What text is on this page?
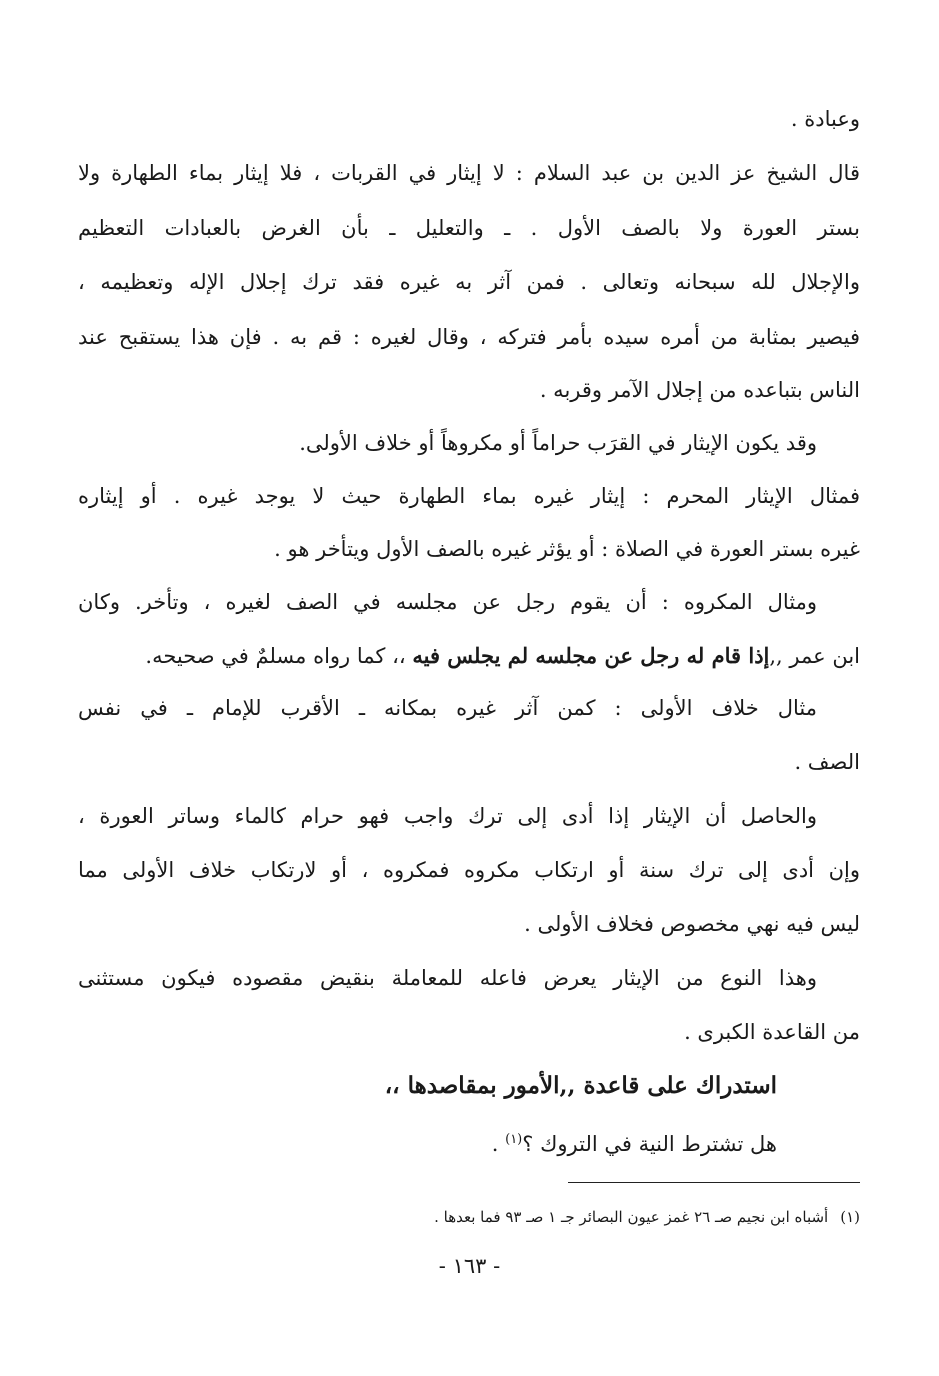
وعبادة .
قال الشيخ عز الدين بن عبد السلام : لا إيثار في القربات ، فلا إيثار بماء الطهارة ولا
بستر العورة ولا بالصف الأول . ـ والتعليل ـ بأن الغرض بالعبادات التعظيم
والإجلال لله سبحانه وتعالى . فمن آثر به غيره فقد ترك إجلال الإله وتعظيمه ،
فيصير بمثابة من أمره سيده بأمر فتركه ، وقال لغيره : قم به . فإن هذا يستقبح عند
الناس بتباعده من إجلال الآمر وقربه .
وقد يكون الإيثار في القرَب حراماً أو مكروهاً أو خلاف الأولى.
فمثال الإيثار المحرم : إيثار غيره بماء الطهارة حيث لا يوجد غيره . أو إيثاره
غيره بستر العورة في الصلاة : أو يؤثر غيره بالصف الأول ويتأخر هو .
ومثال المكروه : أن يقوم رجل عن مجلسه في الصف لغيره ، وتأخر. وكان
ابن عمر ,,إذا قام له رجل عن مجلسه لم يجلس فيه ،، كما رواه مسلمٌ في صحيحه.
مثال خلاف الأولى : كمن آثر غيره بمكانه ـ الأقرب للإمام ـ في نفس
الصف .
والحاصل أن الإيثار إذا أدى إلى ترك واجب فهو حرام كالماء وساتر العورة ،
وإن أدى إلى ترك سنة أو ارتكاب مكروه فمكروه ، أو لارتكاب خلاف الأولى مما
ليس فيه نهي مخصوص فخلاف الأولى .
وهذا النوع من الإيثار يعرض فاعله للمعاملة بنقيض مقصوده فيكون مستثنى
من القاعدة الكبرى .
استدراك على قاعدة ,,الأمور بمقاصدها ،،
هل تشترط النية في التروك ؟$^{(١)}$ .
(١)أشباه ابن نجيم صـ ٢٦ غمز عيون البصائر جـ ١ صـ ٩٣ فما بعدها .
- ١٦٣ -
